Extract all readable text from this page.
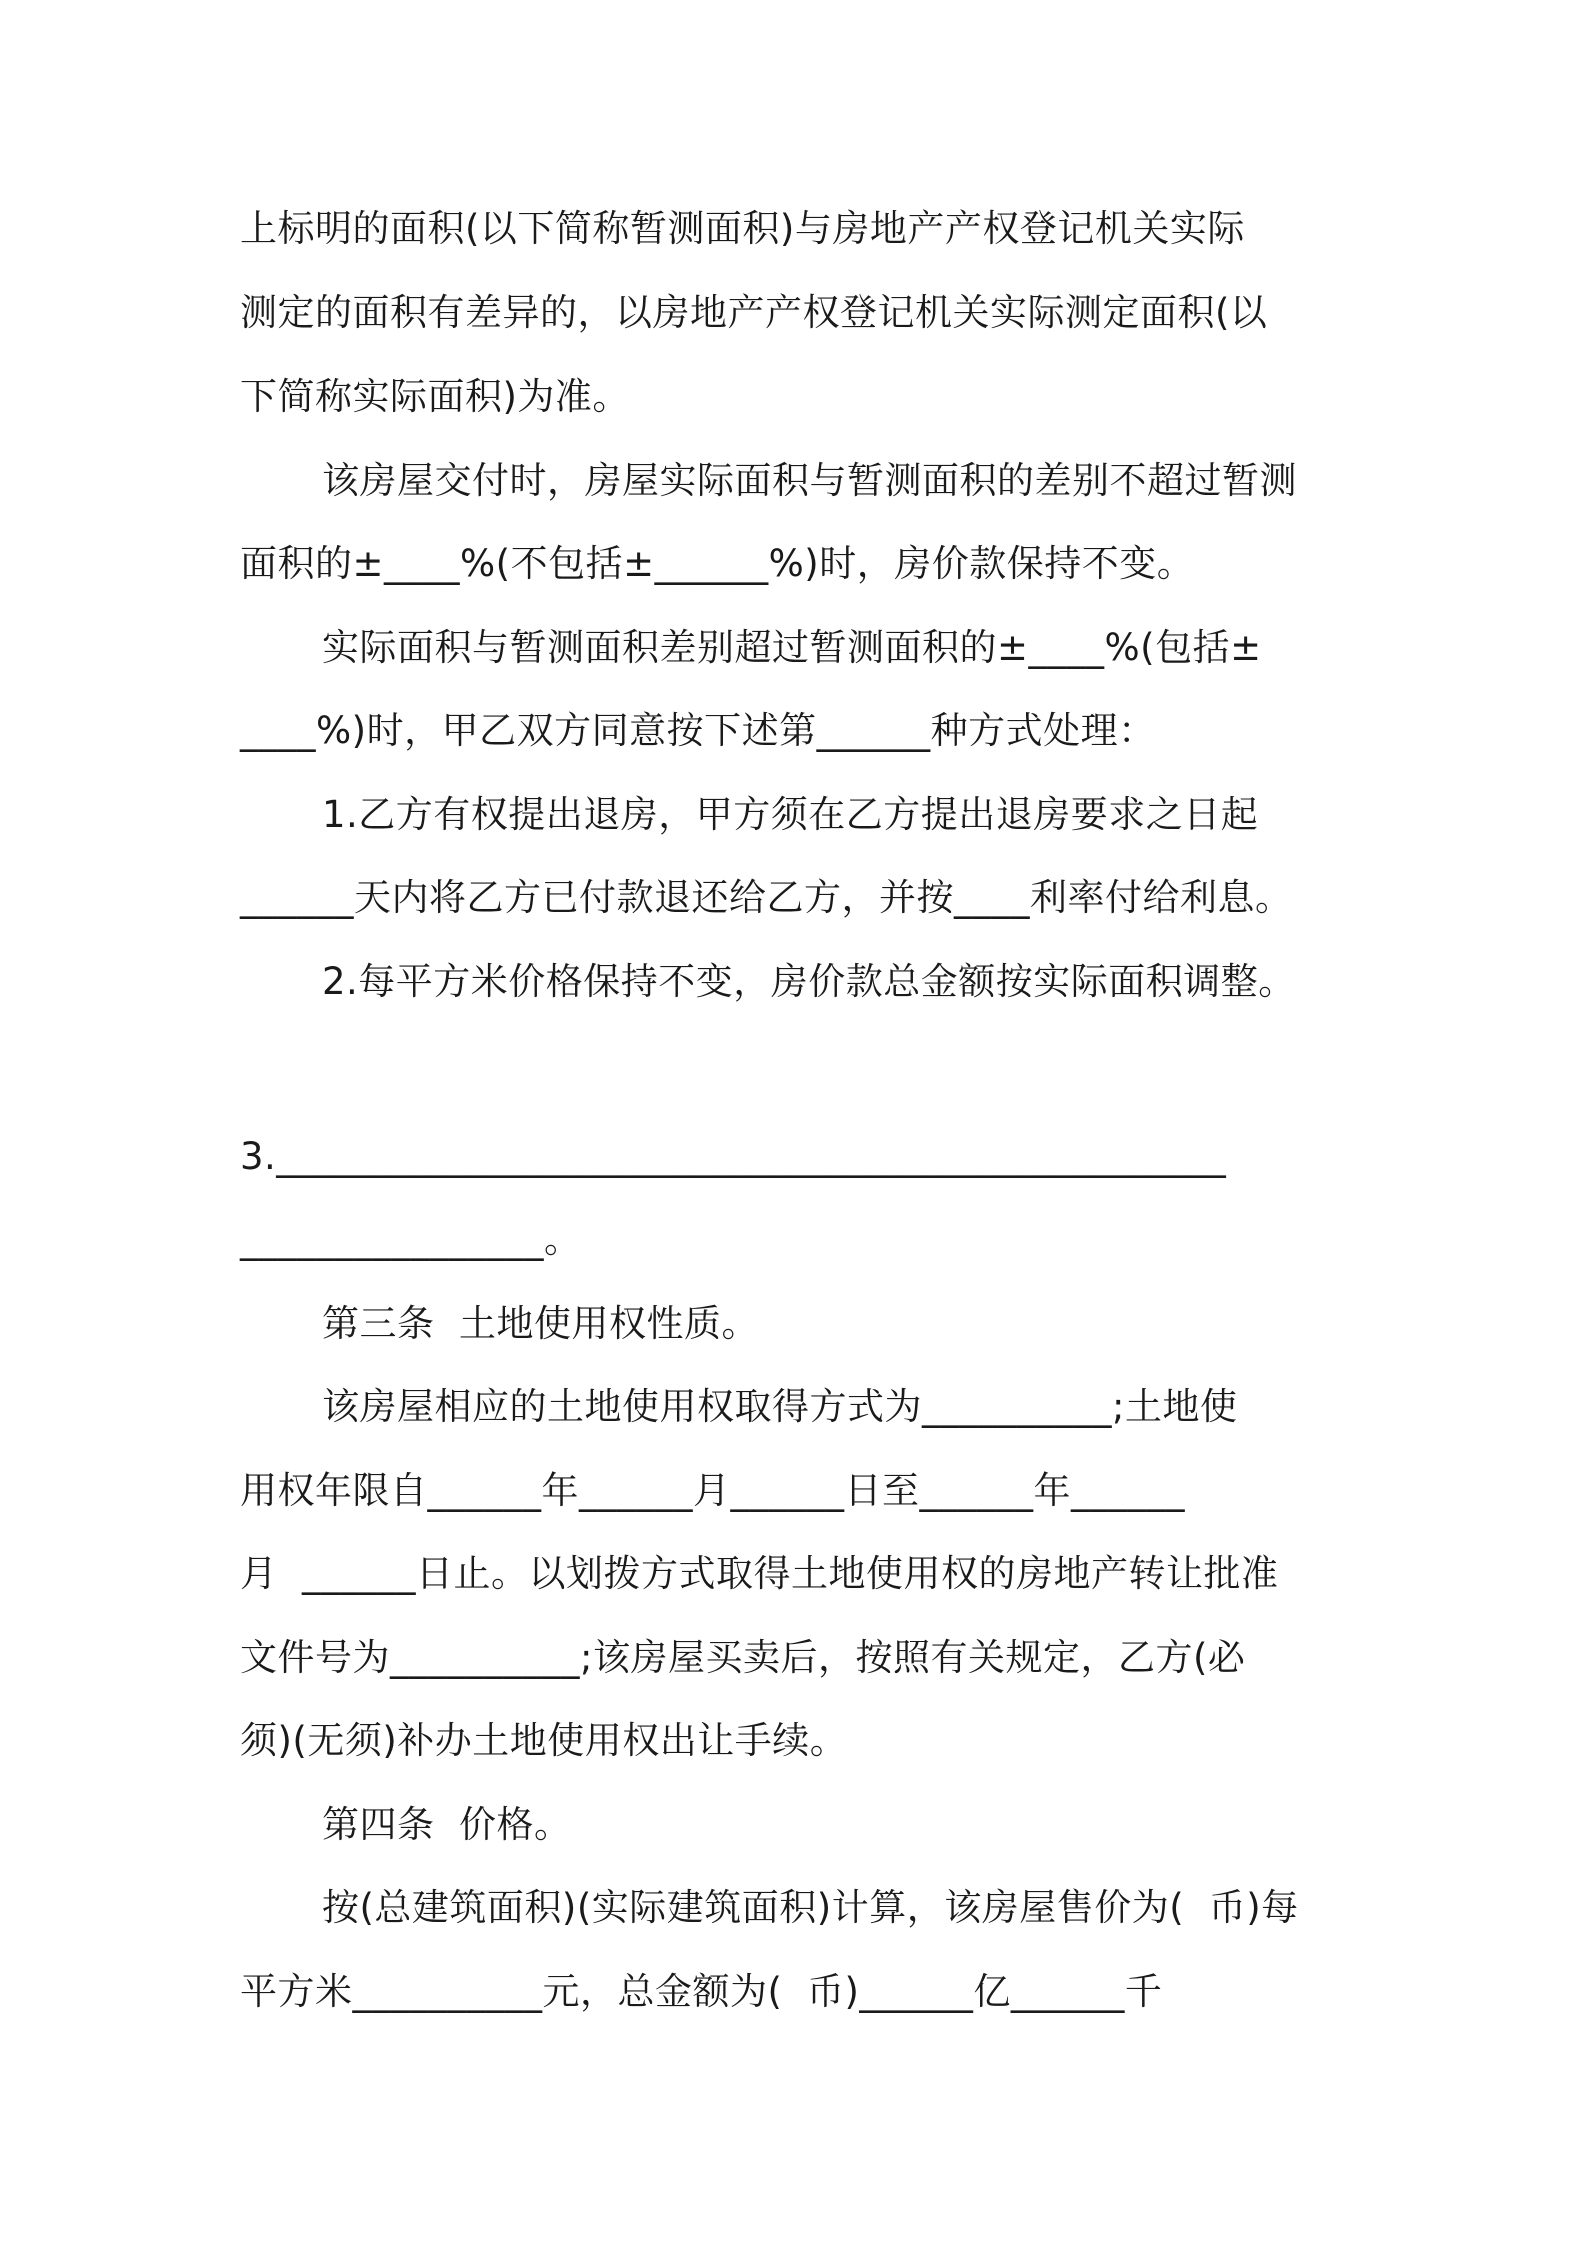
上标明的面积(以下简称暂测面积)与房地产产权登记机关实际
测定的面积有差异的，以房地产产权登记机关实际测定面积(以
下简称实际面积)为准。
该房屋交付时，房屋实际面积与暂测面积的差别不超过暂测
面积的±____%(不包括±______%)时，房价款保持不变。
实际面积与暂测面积差别超过暂测面积的±____%(包括±
____%)时，甲乙双方同意按下述第______种方式处理：
1.乙方有权提出退房，甲方须在乙方提出退房要求之日起
______天内将乙方已付款退还给乙方，并按____利率付给利息。
2.每平方米价格保持不变，房价款总金额按实际面积调整。
3.__________________________________________________
________________。
第三条  土地使用权性质。
该房屋相应的土地使用权取得方式为__________;土地使
用权年限自______年______月______日至______年______
月  ______日止。以划拨方式取得土地使用权的房地产转让批准
文件号为__________;该房屋买卖后，按照有关规定，乙方(必
须)(无须)补办土地使用权出让手续。
第四条  价格。
按(总建筑面积)(实际建筑面积)计算，该房屋售价为(  币)每
平方米__________元，总金额为(  币)______亿______千
